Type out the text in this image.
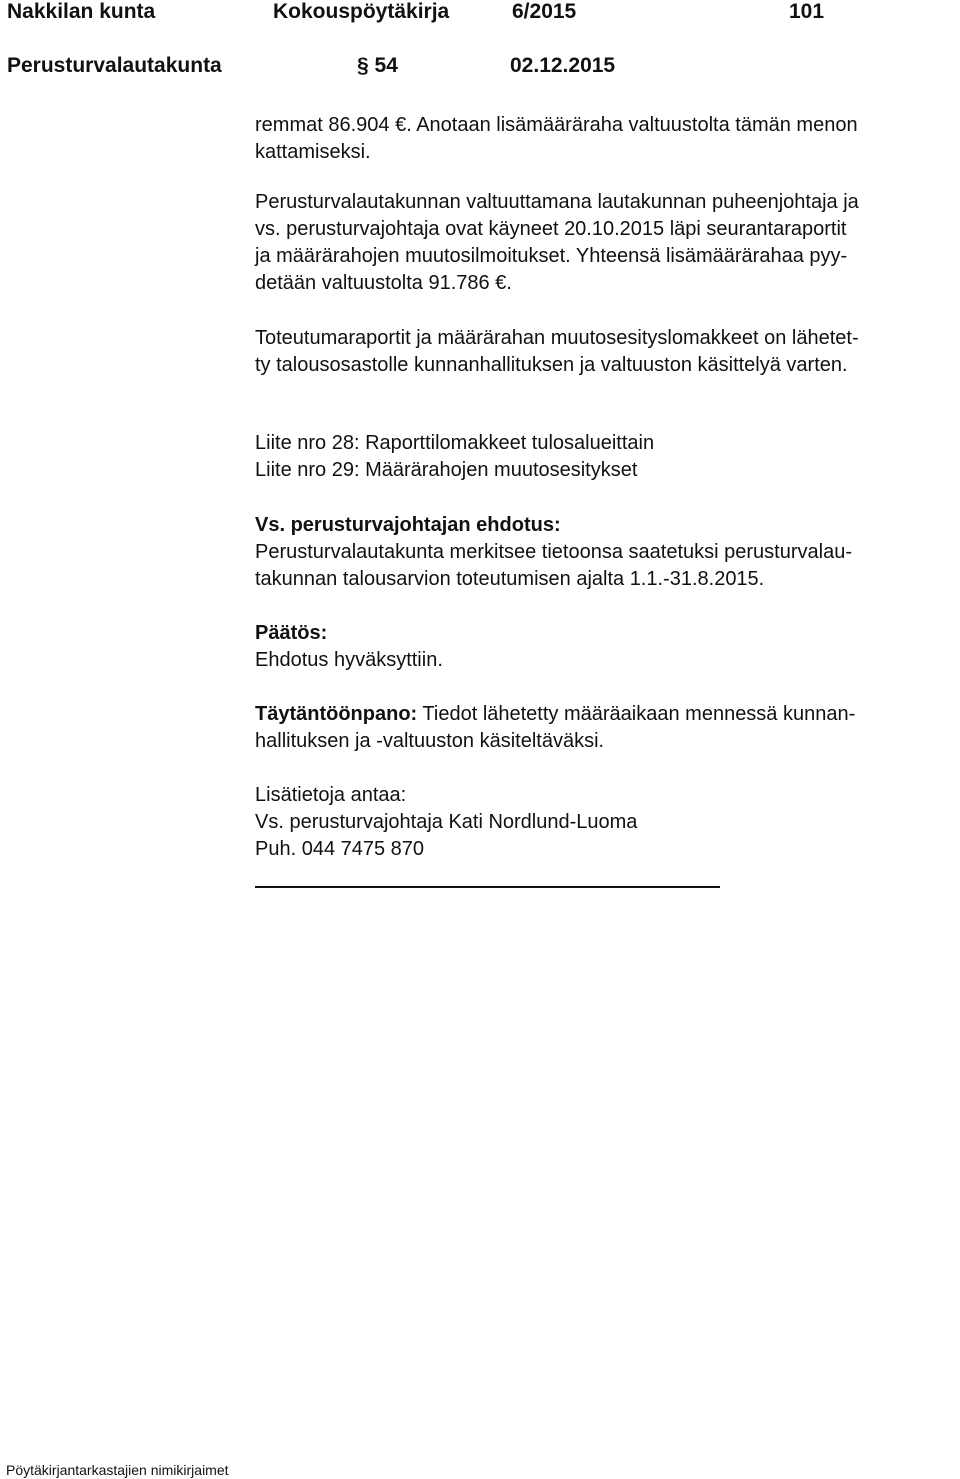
Nakkilan kunta	Kokouspöytäkirja	6/2015	101
Perusturvalautakunta	§ 54	02.12.2015
remmat 86.904 €. Anotaan lisämääräraha valtuustolta tämän menon
kattamiseksi.
Perusturvalautakunnan valtuuttamana lautakunnan puheenjohtaja ja
vs. perusturvajohtaja ovat käyneet 20.10.2015 läpi seurantaraportit
ja määrärahojen muutosilmoitukset. Yhteensä lisämäärärahaa pyy-
detään valtuustolta 91.786 €.
Toteutumaraportit ja määrärahan muutosesityslomakkeet on lähetet-
ty talousosastolle kunnanhallituksen ja valtuuston käsittelyä varten.
Liite nro 28: Raporttilomakkeet tulosalueittain
Liite nro 29: Määrärahojen muutosesitykset
Vs. perusturvajohtajan ehdotus:
Perusturvalautakunta merkitsee tietoonsa saatetuksi perusturvalau-
takunnan talousarvion toteutumisen ajalta 1.1.-31.8.2015.
Päätös:
Ehdotus hyväksyttiin.
Täytäntöönpano: Tiedot lähetetty määräaikaan mennessä kunnan-
hallituksen ja -valtuuston käsiteltäväksi.
Lisätietoja antaa:
Vs. perusturvajohtaja Kati Nordlund-Luoma
Puh. 044 7475 870
Pöytäkirjantarkastajien nimikirjaimet
